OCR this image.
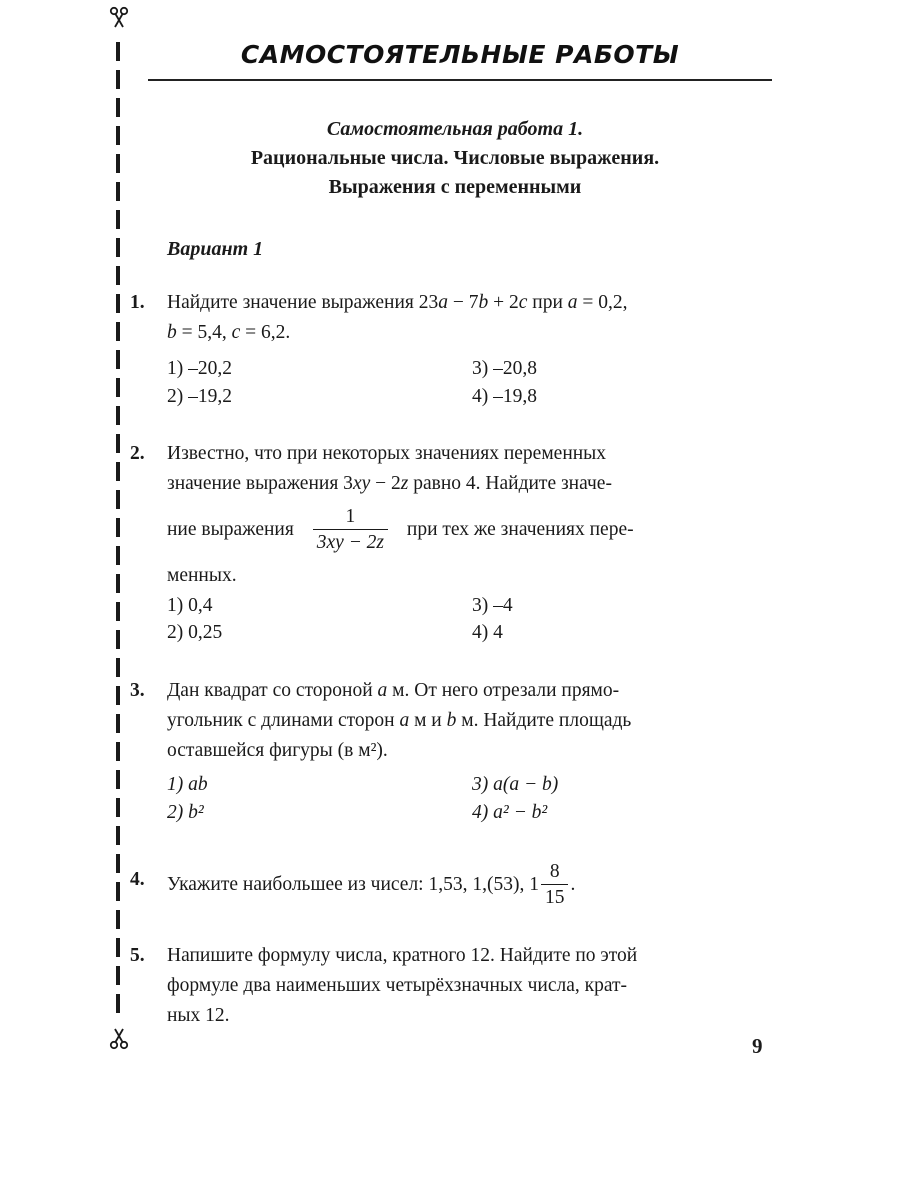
САМОСТОЯТЕЛЬНЫЕ РАБОТЫ
Самостоятельная работа 1.
Рациональные числа. Числовые выражения.
Выражения с переменными
Вариант 1
1. Найдите значение выражения 23a − 7b + 2c при a = 0,2,
b = 5,4, c = 6,2.
1) –20,2
2) –19,2
3) –20,8
4) –19,8
2. Известно, что при некоторых значениях переменных
значение выражения 3xy − 2z равно 4. Найдите значе-
ние выражения $\frac{1}{3xy - 2z}$ при тех же значениях пере-
менных.
1) 0,4
2) 0,25
3) –4
4) 4
3. Дан квадрат со стороной a м. От него отрезали прямо-
угольник с длинами сторон a м и b м. Найдите площадь
оставшейся фигуры (в м²).
1) ab
2) b²
3) a(a − b)
4) a² − b²
4. Укажите наибольшее из чисел: 1,53, 1,(53), $1 \frac{8}{15}$ .
5. Напишите формулу числа, кратного 12. Найдите по этой
формуле два наименьших четырёхзначных числа, крат-
ных 12.
9
